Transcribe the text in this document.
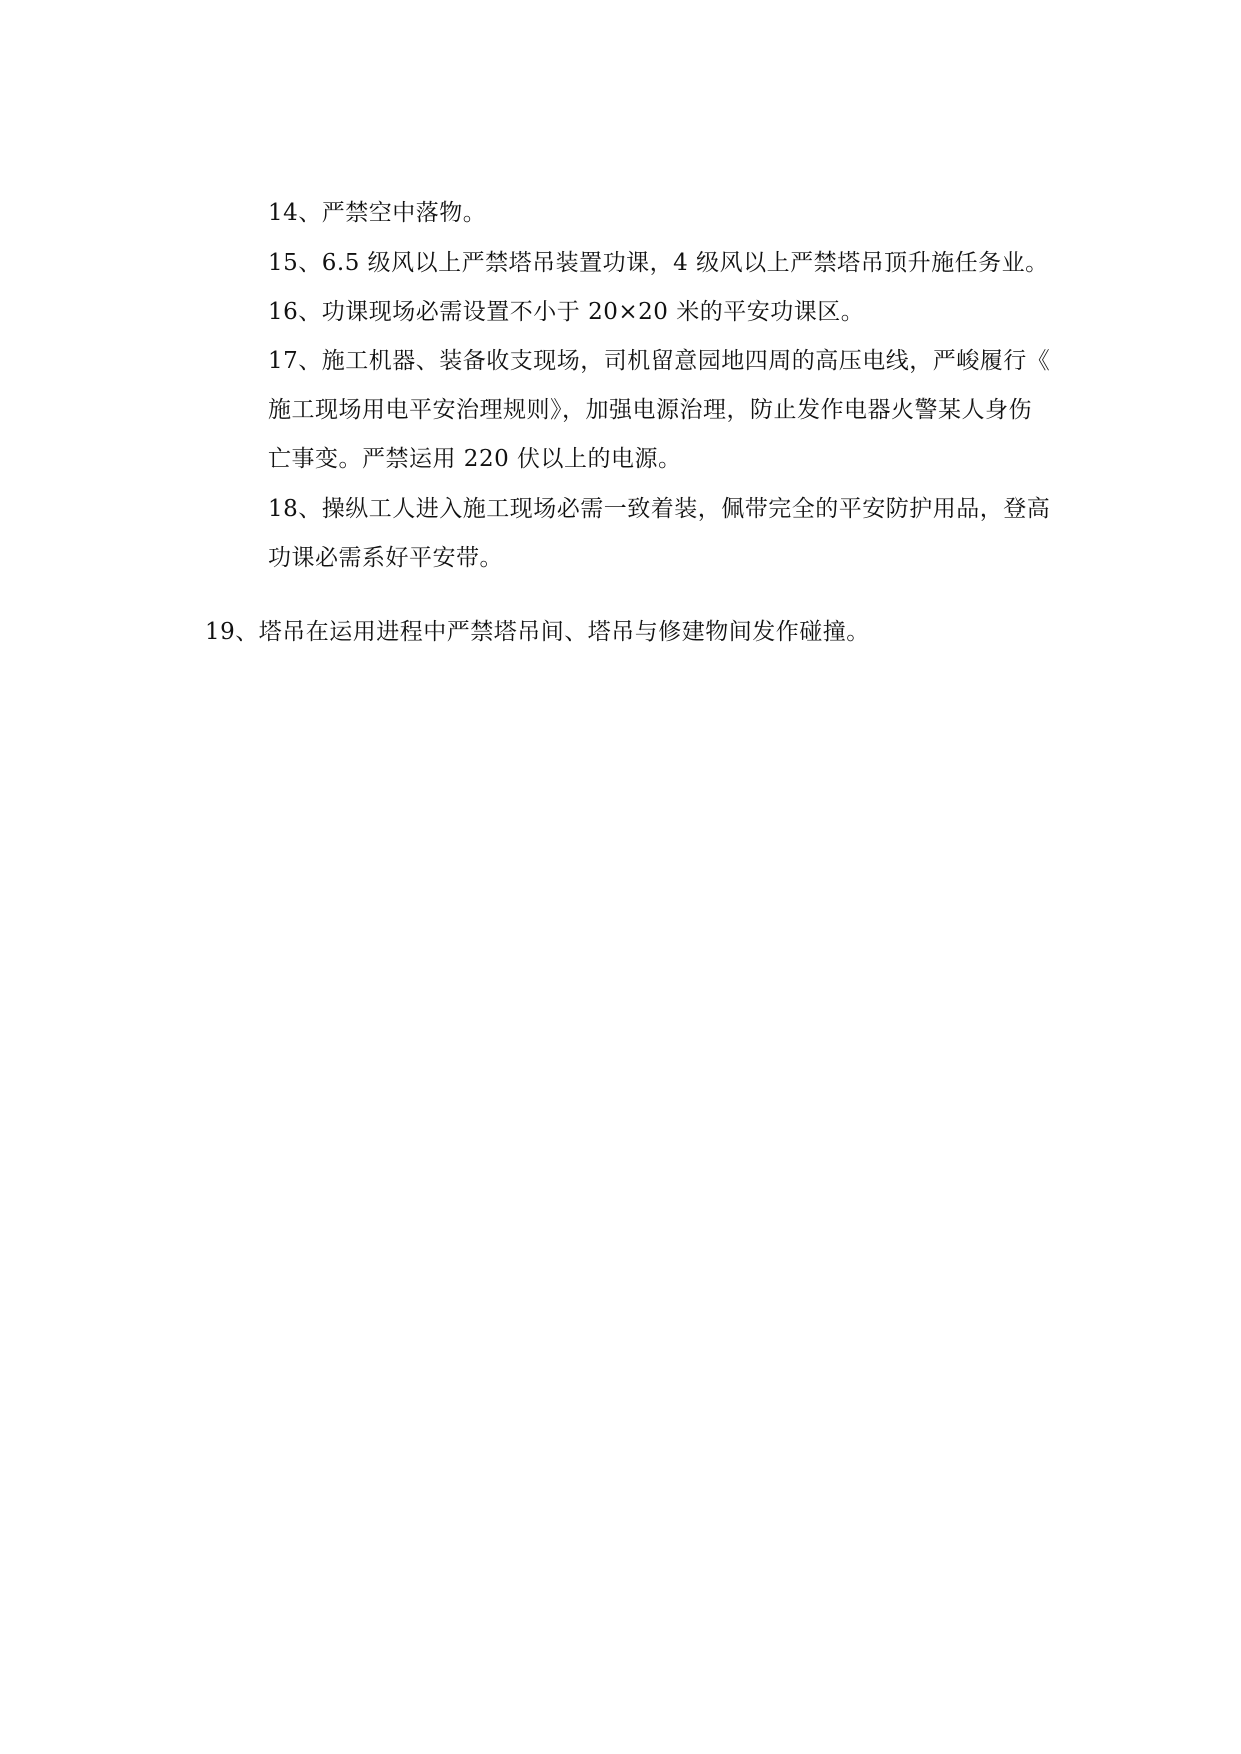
14、严禁空中落物。
15、6.5 级风以上严禁塔吊装置功课，4 级风以上严禁塔吊顶升施任务业。
16、功课现场必需设置不小于 20×20 米的平安功课区。
17、施工机器、装备收支现场，司机留意园地四周的高压电线，严峻履行《
施工现场用电平安治理规则》，加强电源治理，防止发作电器火警某人身伤
亡事变。严禁运用 220 伏以上的电源。
18、操纵工人进入施工现场必需一致着装，佩带完全的平安防护用品，登高
功课必需系好平安带。
19、塔吊在运用进程中严禁塔吊间、塔吊与修建物间发作碰撞。
